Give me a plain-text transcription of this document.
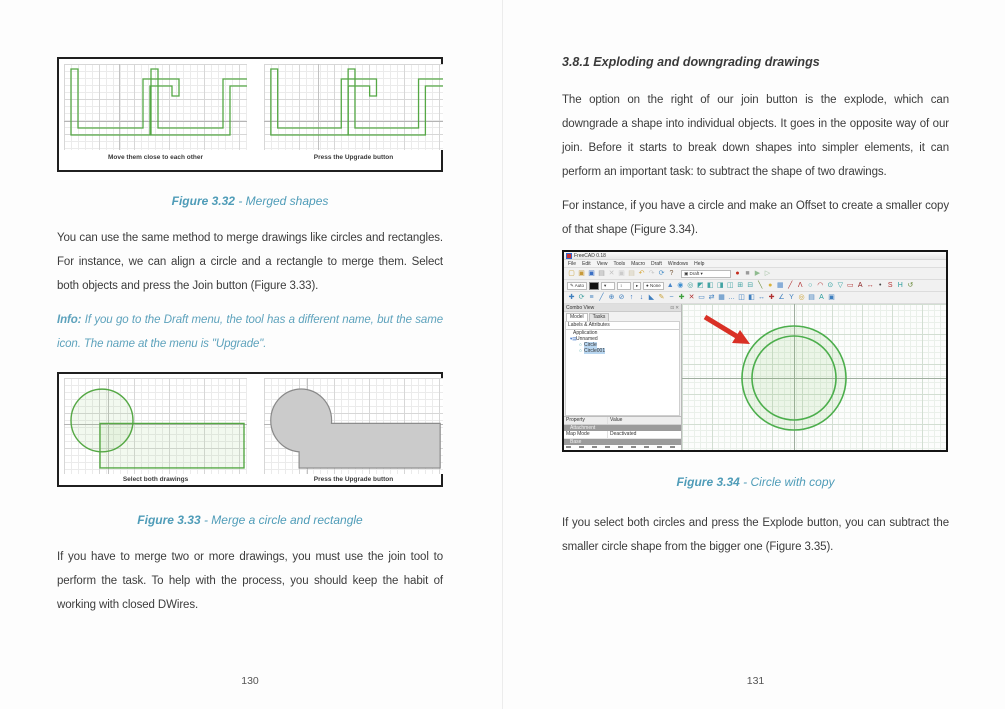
Move them close to each other	Press the Upgrade button
Figure 3.32 - Merged shapes
You can use the same method to merge drawings like circles and rectangles. For instance, we can align a circle and a rectangle to merge them. Select both objects and press the Join button (Figure 3.33).
Info: If you go to the Draft menu, the tool has a different name, but the same icon. The name at the menu is "Upgrade".
Select both drawings	Press the Upgrade button
Figure 3.33 - Merge a circle and rectangle
If you have to merge two or more drawings, you must use the join tool to perform the task. To help with the process, you should keep the habit of working with closed DWires.
130
3.8.1 Exploding and downgrading drawings
The option on the right of our join button is the explode, which can downgrade a shape into individual objects. It goes in the opposite way of our join. Before it starts to break down shapes into simpler elements, it can perform an important task: to subtract the shape of two drawings.
For instance, if you have a circle and make an Offset to create a smaller copy of that shape (Figure 3.34).
FreeCAD 0.18
File Edit View Tools Macro Draft Windows Help
▢ ▣ ▣ ▤ ✕ ▣ ▤ ↶ ↷ ⟳ ?	▣ Draft ▾	● ■ ▶ ▷
✎ Auto	▾	↕	▸	● None ▲ ◉ ◎ ◩ ◧ ◨ ◫ ⊞ ⊟ ╲ ● ▦ ╱ Λ ○ ◠ ⊙ ▽ ▭ A ↔ • S H ↺
✚ ⟳ ≡ ╱ ⊕ ⊘ ↑ ↓ ◣ ✎ ~ ✚ ✕ ▭ ⇄ ▦ … ◫ ◧ ↔ ✚ ∠ Y ◎ ▤ A ▣
Combo View	⊡ ✕
Model	Tasks
Labels & Attributes
Application
▾▤ Unnamed
○ Circle
○ Circle001
Property	Value
Attachment
Map Mode	Deactivated
Base
Figure 3.34 - Circle with copy
If you select both circles and press the Explode button, you can subtract the smaller circle shape from the bigger one (Figure 3.35).
131
